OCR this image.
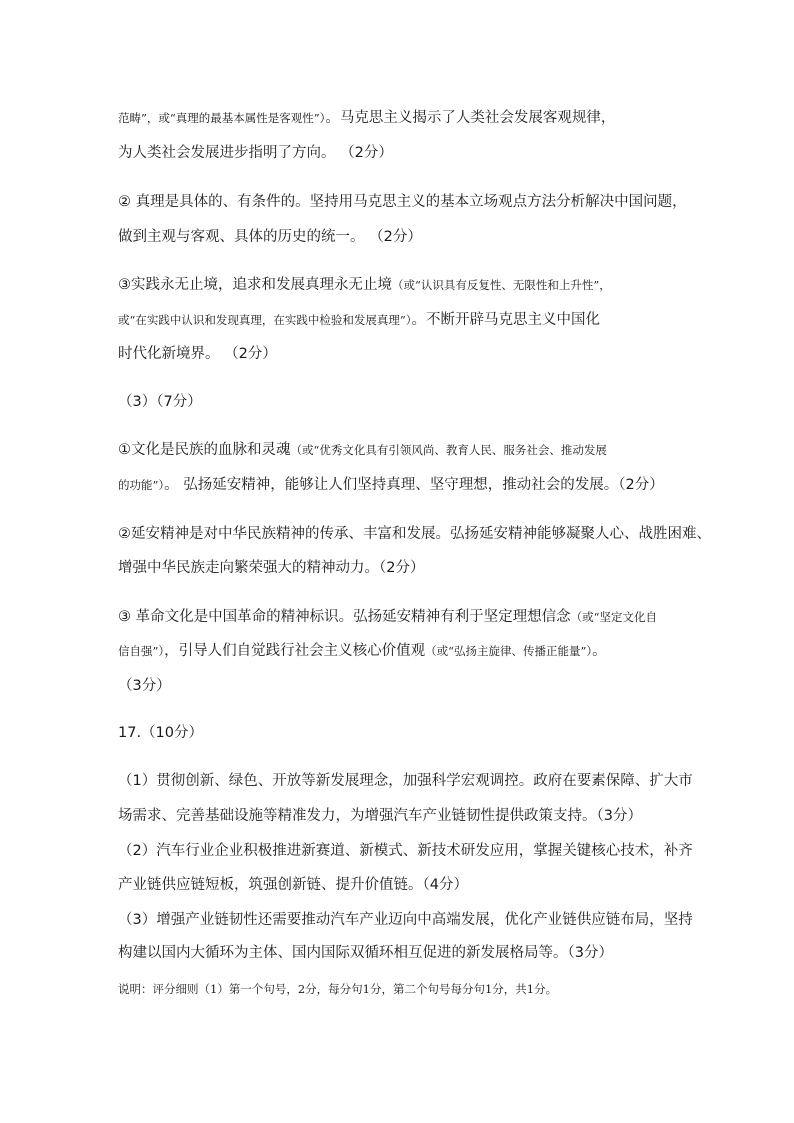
范畴”，或“真理的最基本属性是客观性”）。马克思主义揭示了人类社会发展客观规律，
为人类社会发展进步指明了方向。 （2分）
② 真理是具体的、有条件的。坚持用马克思主义的基本立场观点方法分析解决中国问题，
做到主观与客观、具体的历史的统一。 （2分）
③实践永无止境，追求和发展真理永无止境（或“认识具有反复性、无限性和上升性”，
或“在实践中认识和发现真理，在实践中检验和发展真理”）。不断开辟马克思主义中国化
时代化新境界。 （2分）
（3）（7分）
①文化是民族的血脉和灵魂（或“优秀文化具有引领风尚、教育人民、服务社会、推动发展
的功能”）。 弘扬延安精神，能够让人们坚持真理、坚守理想，推动社会的发展。（2分）
②延安精神是对中华民族精神的传承、丰富和发展。弘扬延安精神能够凝聚人心、战胜困难、
增强中华民族走向繁荣强大的精神动力。（2分）
③ 革命文化是中国革命的精神标识。弘扬延安精神有利于坚定理想信念（或“坚定文化自
信自强”），引导人们自觉践行社会主义核心价值观（或“弘扬主旋律、传播正能量”）。
（3分）
17.（10分）
（1）贯彻创新、绿色、开放等新发展理念，加强科学宏观调控。政府在要素保障、扩大市
场需求、完善基础设施等精准发力，为增强汽车产业链韧性提供政策支持。（3分）
（2）汽车行业企业积极推进新赛道、新模式、新技术研发应用，掌握关键核心技术，补齐
产业链供应链短板，筑强创新链、提升价值链。（4分）
（3）增强产业链韧性还需要推动汽车产业迈向中高端发展，优化产业链供应链布局，坚持
构建以国内大循环为主体、国内国际双循环相互促进的新发展格局等。（3分）
说明：评分细则（1）第一个句号，2分，每分句1分，第二个句号每分句1分，共1分。
